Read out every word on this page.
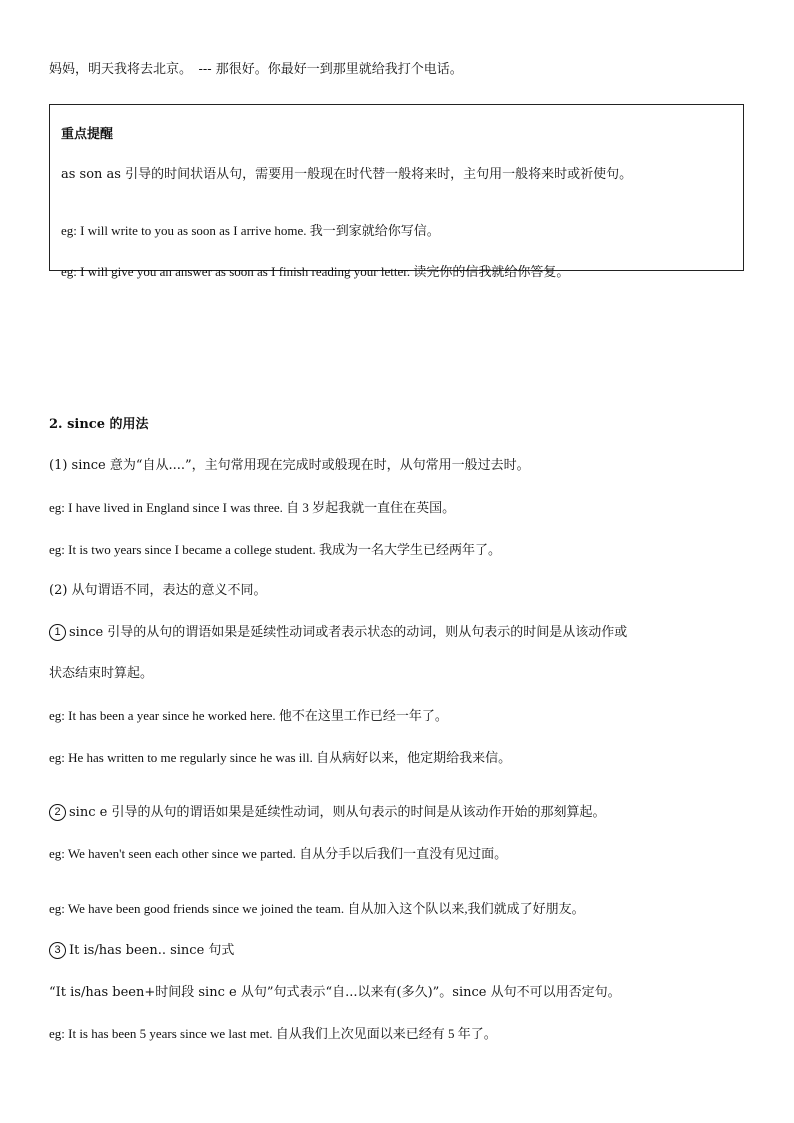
妈妈，明天我将去北京。　--- 那很好。你最好一到那里就给我打个电话。
重点提醒
as son as 引导的时间状语从句，需要用一般现在时代替一般将来时，主句用一般将来时或祈使句。
eg: I will write to you as soon as I arrive home. 我一到家就给你写信。
eg: I will give you an answer as soon as I finish reading your letter. 读完你的信我就给你答复。
2. since 的用法
(1) since 意为“自从....”，主句常用现在完成时或般现在时，从句常用一般过去时。
eg: I have lived in England since I was three. 自 3 岁起我就一直住在英国。
eg: It is two years since I became a college student. 我成为一名大学生已经两年了。
(2) 从句谓语不同，表达的意义不同。
1 since 引导的从句的谓语如果是延续性动词或者表示状态的动词，则从句表示的时间是从该动作或
状态结束时算起。
eg: It has been a year since he worked here. 他不在这里工作已经一年了。
eg: He has written to me regularly since he was ill. 自从病好以来，他定期给我来信。
2 sinc e 引导的从句的谓语如果是延续性动词，则从句表示的时间是从该动作开始的那刻算起。
eg: We haven't seen each other since we parted. 自从分手以后我们一直没有见过面。
eg: We have been good friends since we joined the team. 自从加入这个队以来,我们就成了好朋友。
3 It is/has been.. since 句式
“It is/has been+时间段 sinc e 从句”句式表示“自...以来有(多久)”。since 从句不可以用否定句。
eg: It is has been 5 years since we last met. 自从我们上次见面以来已经有 5 年了。
